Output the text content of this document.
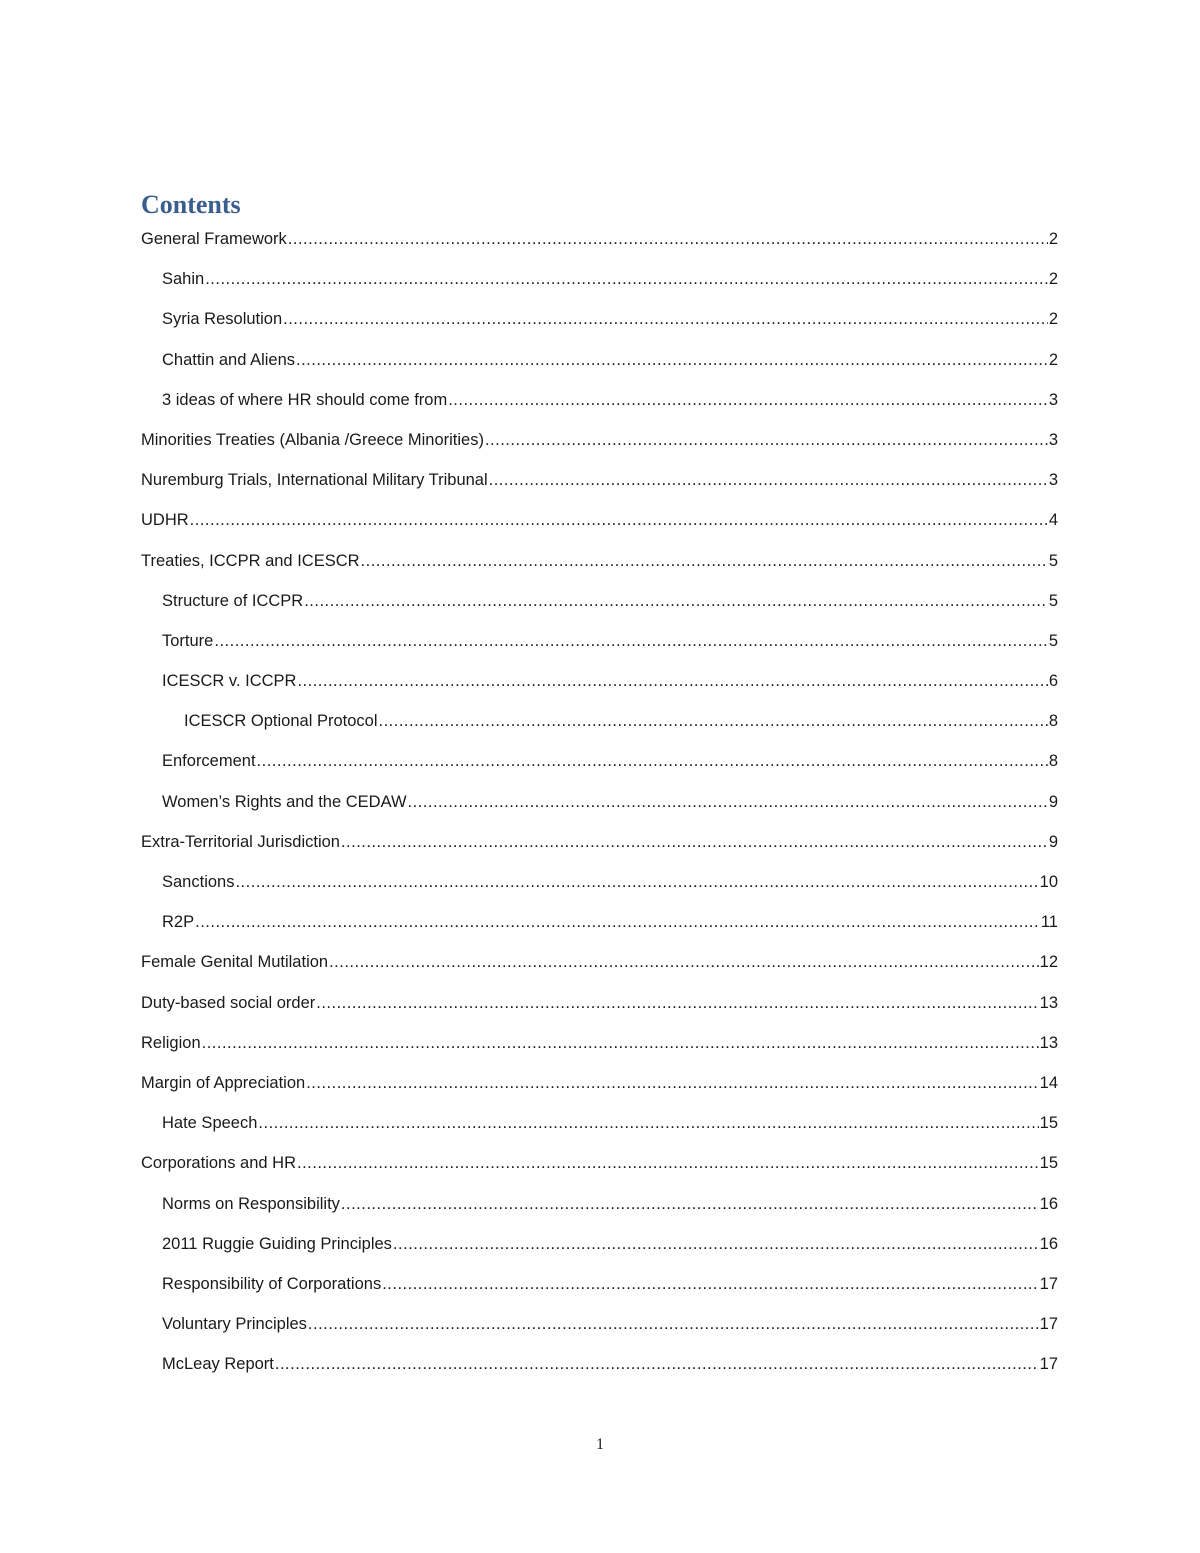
Contents
General Framework .....	2
Sahin .....	2
Syria Resolution .....	2
Chattin and Aliens .....	2
3 ideas of where HR should come from .....	3
Minorities Treaties (Albania /Greece Minorities) .....	3
Nuremburg Trials, International Military Tribunal .....	3
UDHR .....	4
Treaties, ICCPR and ICESCR .....	5
Structure of ICCPR .....	5
Torture .....	5
ICESCR v. ICCPR .....	6
ICESCR Optional Protocol .....	8
Enforcement .....	8
Women’s Rights and the CEDAW .....	9
Extra-Territorial Jurisdiction .....	9
Sanctions .....	10
R2P .....	11
Female Genital Mutilation .....	12
Duty-based social order .....	13
Religion .....	13
Margin of Appreciation .....	14
Hate Speech .....	15
Corporations and HR .....	15
Norms on Responsibility .....	16
2011 Ruggie Guiding Principles .....	16
Responsibility of Corporations .....	17
Voluntary Principles .....	17
McLeay Report .....	17
1
